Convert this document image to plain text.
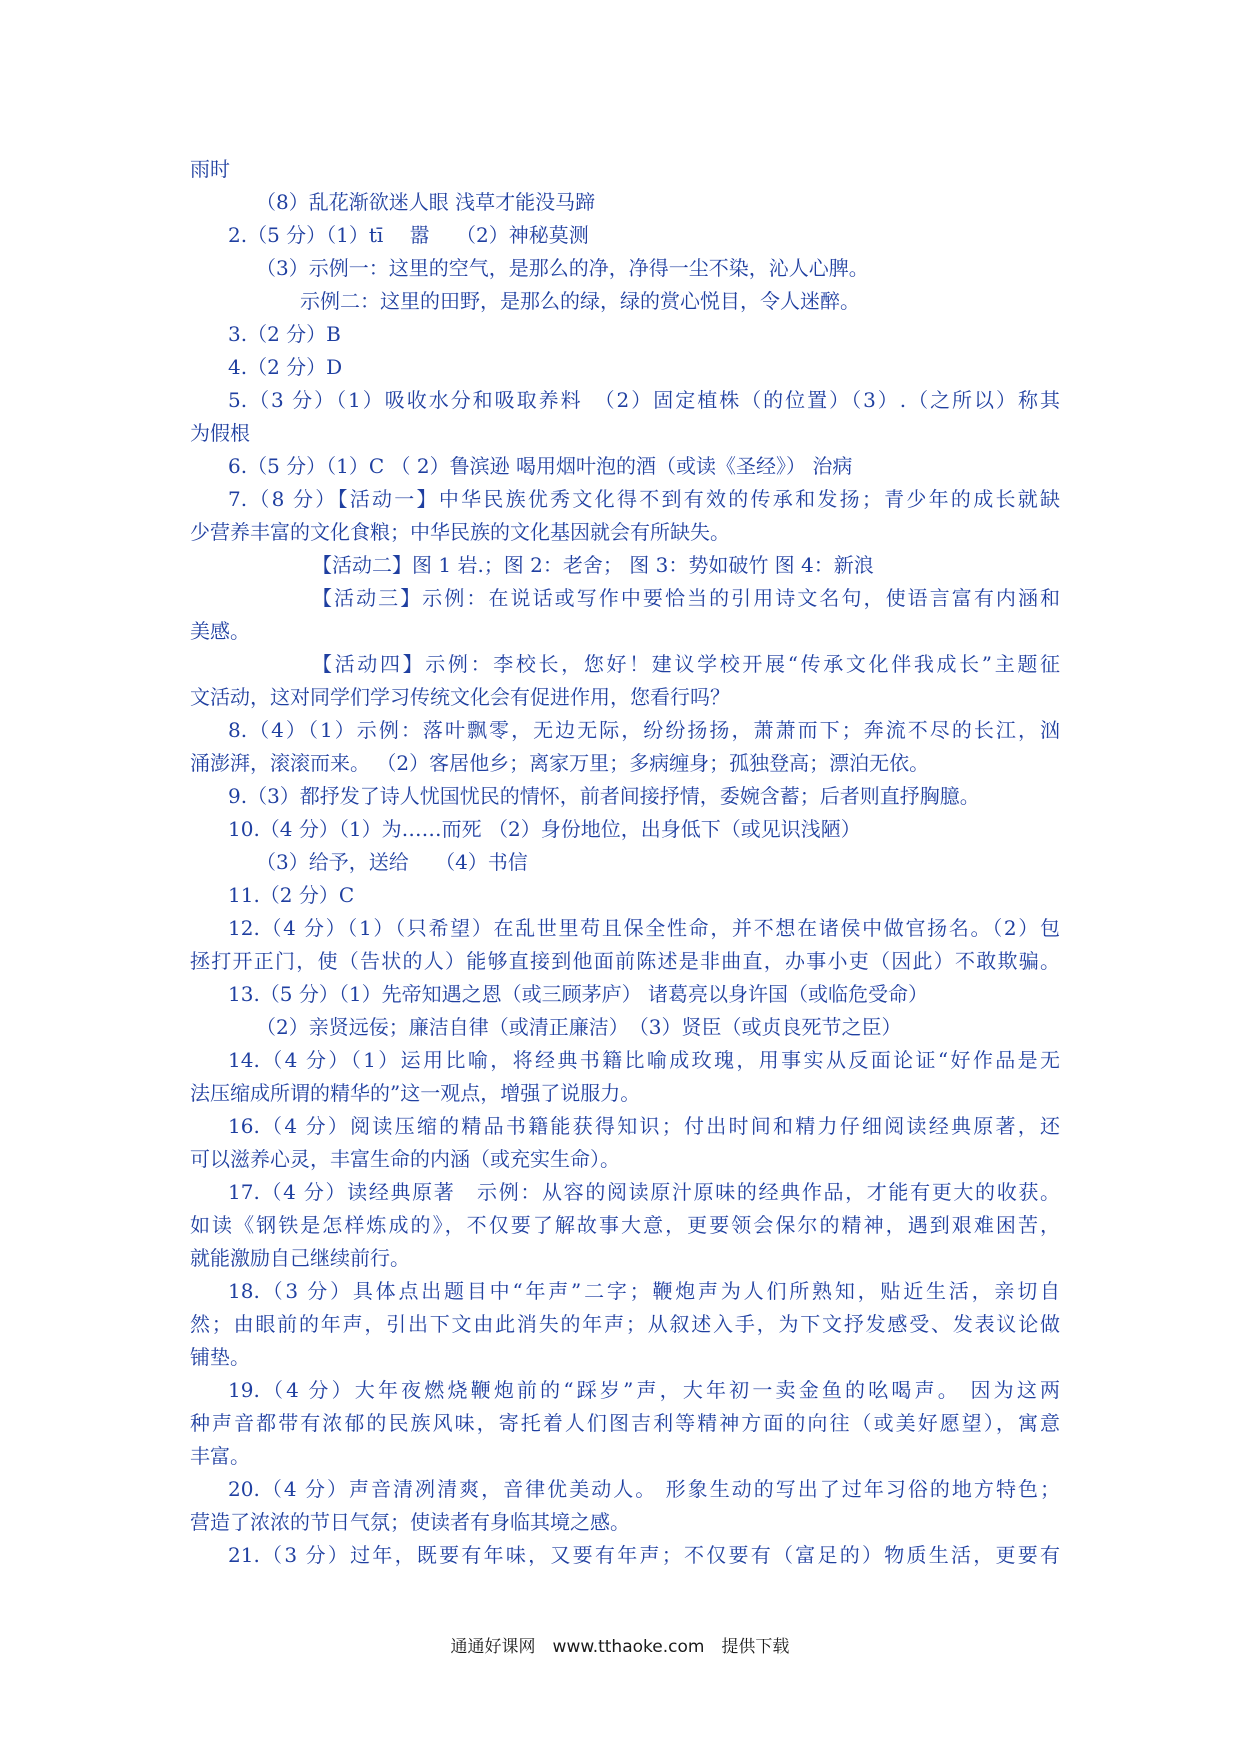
雨时
（8）乱花渐欲迷人眼 浅草才能没马蹄
2.（5 分）（1）tī　 嚣　 （2）神秘莫测
（3）示例一：这里的空气，是那么的净，净得一尘不染，沁人心脾。
示例二：这里的田野，是那么的绿，绿的赏心悦目，令人迷醉。
3.（2 分）B
4.（2 分）D
5.（3 分）（1）吸收水分和吸取养料　（2）固定植株（的位置）（3）.（之所以）称其
为假根
6.（5 分）（1）C （ 2）鲁滨逊 喝用烟叶泡的酒（或读《圣经》） 治病
7.（8 分）【活动一】中华民族优秀文化得不到有效的传承和发扬；青少年的成长就缺
少营养丰富的文化食粮；中华民族的文化基因就会有所缺失。
【活动二】图 1 岩.；图 2：老舍； 图 3：势如破竹 图 4：新浪
【活动三】示例：在说话或写作中要恰当的引用诗文名句，使语言富有内涵和
美感。
【活动四】示例：李校长，您好！建议学校开展“传承文化伴我成长”主题征
文活动，这对同学们学习传统文化会有促进作用，您看行吗？
8.（4）（1）示例：落叶飘零，无边无际，纷纷扬扬，萧萧而下；奔流不尽的长江，汹
涌澎湃，滚滚而来。 （2）客居他乡；离家万里；多病缠身；孤独登高；漂泊无依。
9.（3）都抒发了诗人忧国忧民的情怀，前者间接抒情，委婉含蓄；后者则直抒胸臆。
10.（4 分）（1）为……而死 （2）身份地位，出身低下（或见识浅陋）
（3）给予，送给　 （4）书信
11.（2 分）C
12.（4 分）（1）（只希望）在乱世里苟且保全性命，并不想在诸侯中做官扬名。（2）包
拯打开正门，使（告状的人）能够直接到他面前陈述是非曲直，办事小吏（因此）不敢欺骗。
13.（5 分）（1）先帝知遇之恩（或三顾茅庐） 诸葛亮以身许国（或临危受命）
（2）亲贤远佞；廉洁自律（或清正廉洁）　（3）贤臣（或贞良死节之臣）
14.（4 分）（1）运用比喻，将经典书籍比喻成玫瑰，用事实从反面论证“好作品是无
法压缩成所谓的精华的”这一观点，增强了说服力。
16.（4 分）阅读压缩的精品书籍能获得知识；付出时间和精力仔细阅读经典原著，还
可以滋养心灵，丰富生命的内涵（或充实生命）。
17.（4 分）读经典原著　示例：从容的阅读原汁原味的经典作品，才能有更大的收获。
如读《钢铁是怎样炼成的》，不仅要了解故事大意，更要领会保尔的精神，遇到艰难困苦，
就能激励自己继续前行。
18.（3 分）具体点出题目中“年声”二字；鞭炮声为人们所熟知，贴近生活，亲切自
然；由眼前的年声，引出下文由此消失的年声；从叙述入手，为下文抒发感受、发表议论做
铺垫。
19.（4 分）大年夜燃烧鞭炮前的“踩岁”声，大年初一卖金鱼的吆喝声。 因为这两
种声音都带有浓郁的民族风味，寄托着人们图吉利等精神方面的向往（或美好愿望），寓意
丰富。
20.（4 分）声音清冽清爽，音律优美动人。 形象生动的写出了过年习俗的地方特色；
营造了浓浓的节日气氛；使读者有身临其境之感。
21.（3 分）过年，既要有年味，又要有年声；不仅要有（富足的）物质生活，更要有
通通好课网　www.tthaoke.com　提供下载
